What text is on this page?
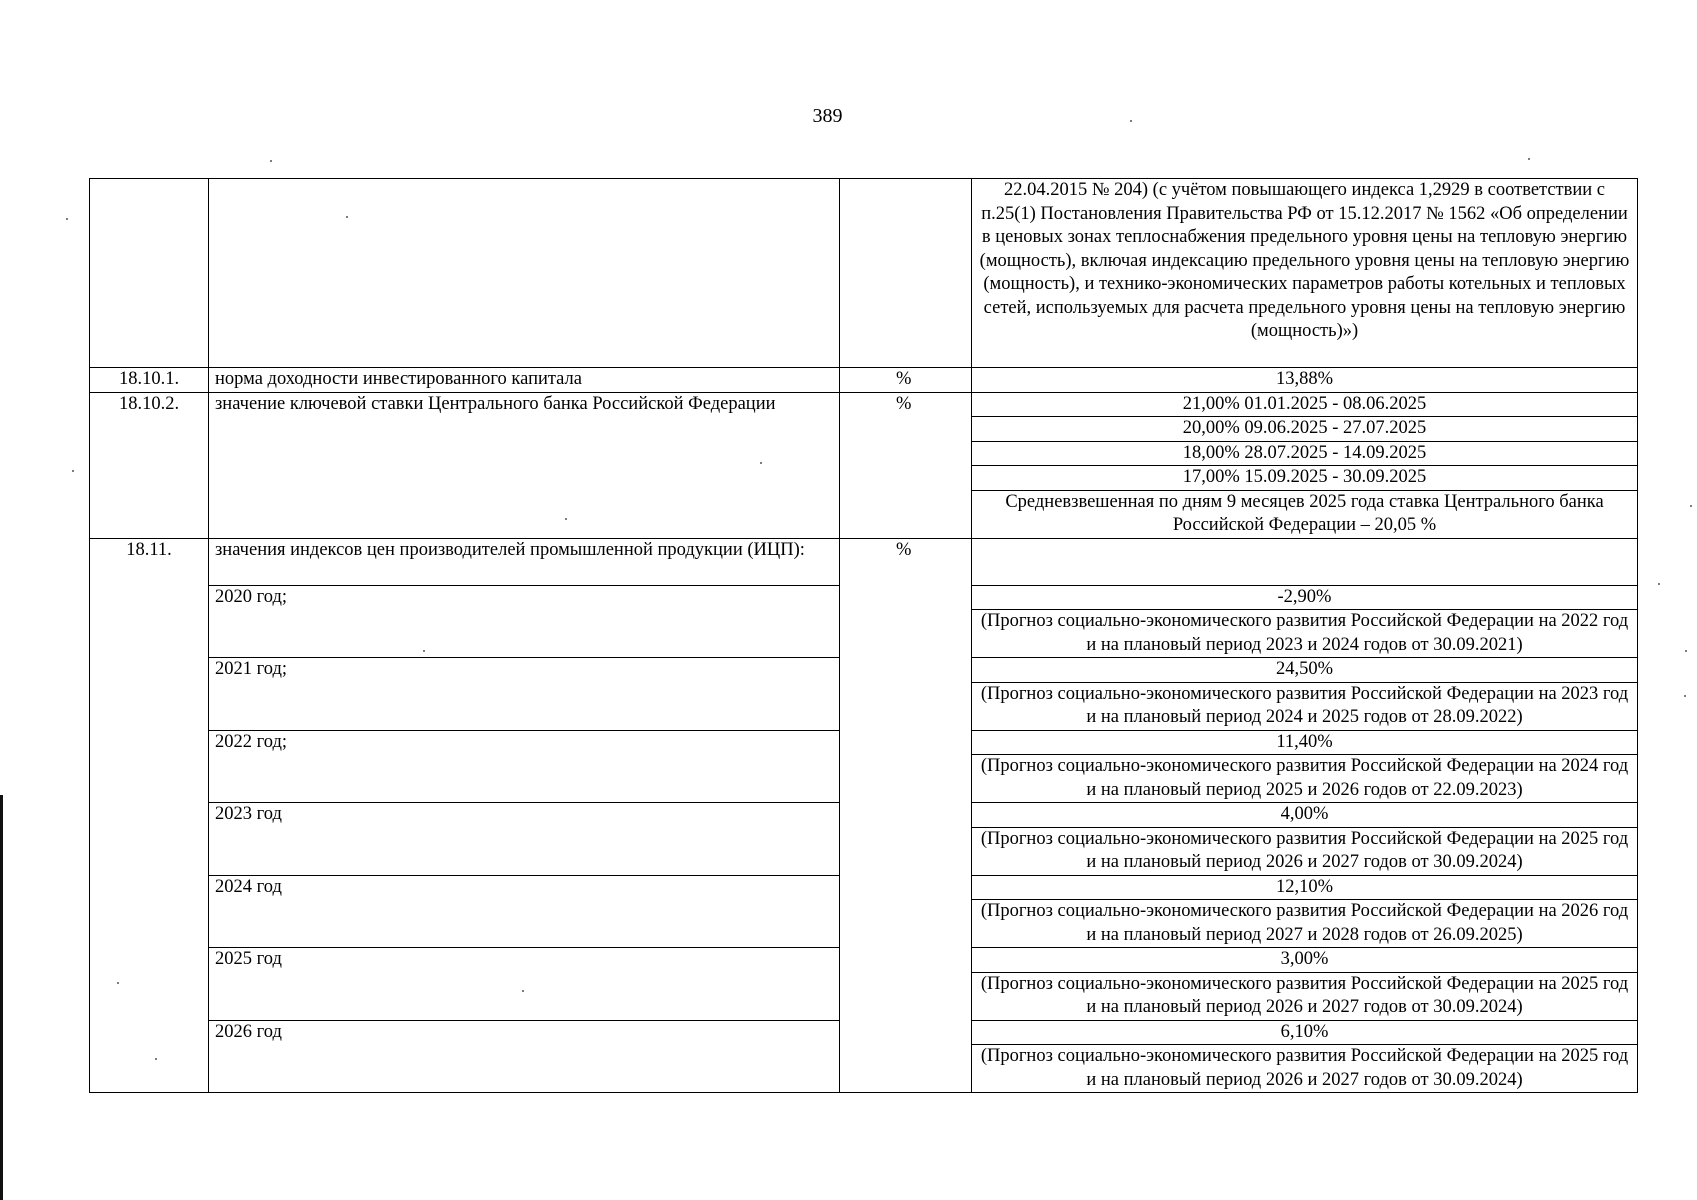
389
			22.04.2015 № 204) (с учётом повышающего индекса 1,2929 в соответствии с п.25(1) Постановления Правительства РФ от 15.12.2017 № 1562 «Об определении в ценовых зонах теплоснабжения предельного уровня цены на тепловую энергию (мощность), включая индексацию предельного уровня цены на тепловую энергию (мощность), и технико-экономических параметров работы котельных и тепловых сетей, используемых для расчета предельного уровня цены на тепловую энергию (мощность)»)
18.10.1.	норма доходности инвестированного капитала	%	13,88%
18.10.2.	значение ключевой ставки Центрального банка Российской Федерации	%	21,00% 01.01.2025 - 08.06.2025
			20,00% 09.06.2025 - 27.07.2025
			18,00% 28.07.2025 - 14.09.2025
			17,00% 15.09.2025 - 30.09.2025
			Средневзвешенная по дням 9 месяцев 2025 года ставка Центрального банка Российской Федерации – 20,05 %
18.11.	значения индексов цен производителей промышленной продукции (ИЦП):	%	
	2020 год;		-2,90%
			(Прогноз социально-экономического развития Российской Федерации на 2022 год и на плановый период 2023 и 2024 годов от 30.09.2021)
	2021 год;		24,50%
			(Прогноз социально-экономического развития Российской Федерации на 2023 год и на плановый период 2024 и 2025 годов от 28.09.2022)
	2022 год;		11,40%
			(Прогноз социально-экономического развития Российской Федерации на 2024 год и на плановый период 2025 и 2026 годов от 22.09.2023)
	2023 год		4,00%
			(Прогноз социально-экономического развития Российской Федерации на 2025 год и на плановый период 2026 и 2027 годов от 30.09.2024)
	2024 год		12,10%
			(Прогноз социально-экономического развития Российской Федерации на 2026 год и на плановый период 2027 и 2028 годов от 26.09.2025)
	2025 год		3,00%
			(Прогноз социально-экономического развития Российской Федерации на 2025 год и на плановый период 2026 и 2027 годов от 30.09.2024)
	2026 год		6,10%
			(Прогноз социально-экономического развития Российской Федерации на 2025 год и на плановый период 2026 и 2027 годов от 30.09.2024)
